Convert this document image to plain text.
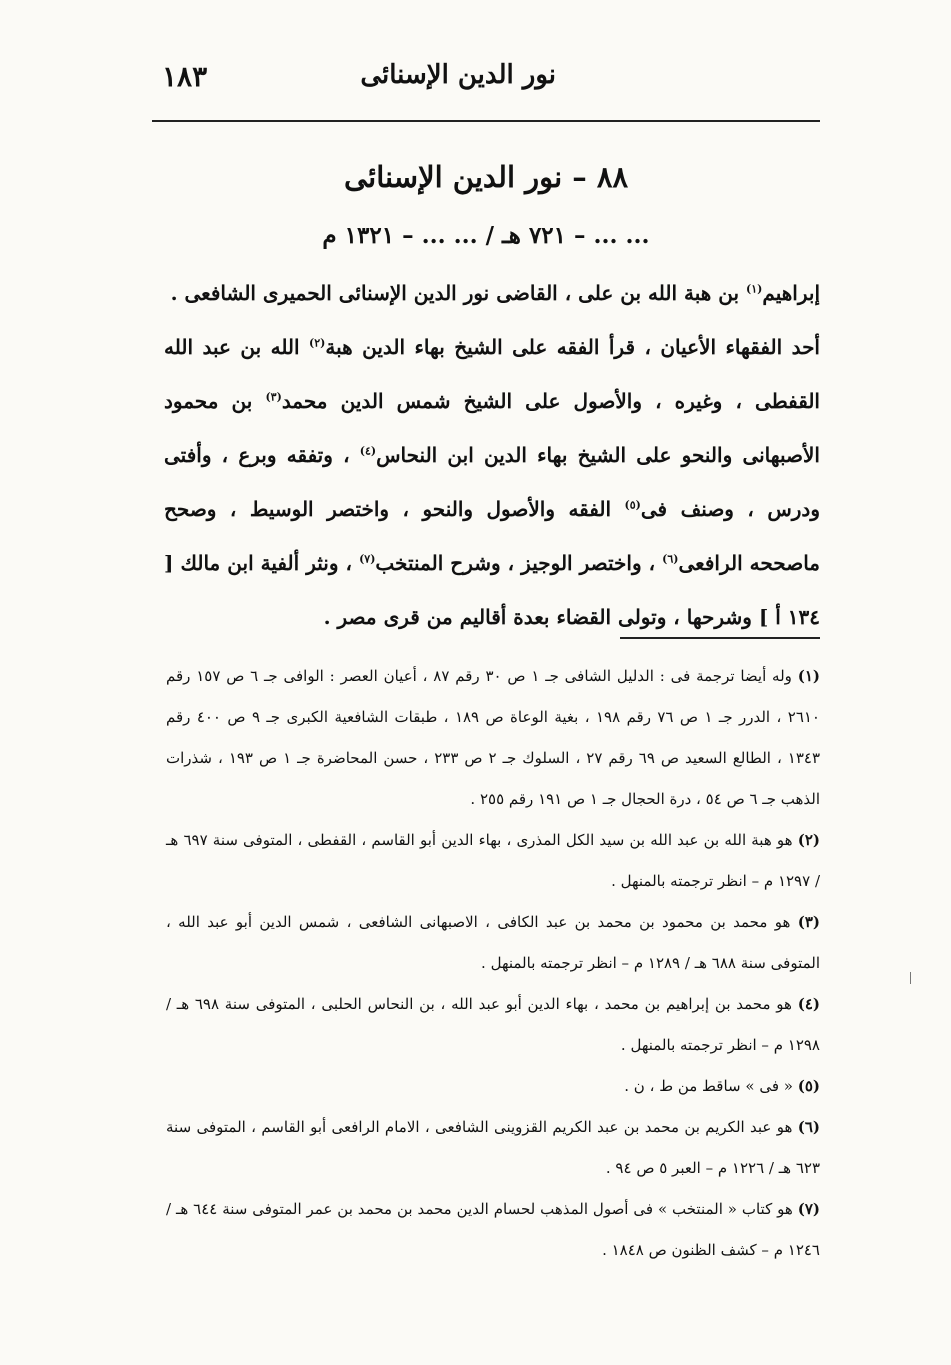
نور الدين الإسنائى
١٨٣
٨٨ – نور الدين الإسنائى
... ... – ٧٢١ هـ / ... ... – ١٣٢١ م

إبراهيم$^{(١)}$ بن هبة الله بن على ، القاضى نور الدين الإسنائى الحميرى الشافعى .

أحد الفقهاء الأعيان ، قرأ الفقه على الشيخ بهاء الدين هبة$^{(٢)}$ الله بن عبد الله القفطى ، وغيره ، والأصول على الشيخ شمس الدين محمد$^{(٣)}$ بن محمود الأصبهانى والنحو على الشيخ بهاء الدين ابن النحاس$^{(٤)}$ ، وتفقه وبرع ، وأفتى ودرس ، وصنف فى$^{(٥)}$ الفقه والأصول والنحو ، واختصر الوسيط ، وصحح ماصححه الرافعى$^{(٦)}$ ، واختصر الوجيز ، وشرح المنتخب$^{(٧)}$ ، ونثر ألفية ابن مالك [ ١٣٤ أ ] وشرحها ، وتولى القضاء بعدة أقاليم من قرى مصر .

(١) وله أيضا ترجمة فى : الدليل الشافى جـ ١ ص ٣٠ رقم ٨٧ ، أعيان العصر : الوافى جـ ٦ ص ١٥٧ رقم ٢٦١٠ ، الدرر جـ ١ ص ٧٦ رقم ١٩٨ ، بغية الوعاة ص ١٨٩ ، طبقات الشافعية الكبرى جـ ٩ ص ٤٠٠ رقم ١٣٤٣ ، الطالع السعيد ص ٦٩ رقم ٢٧ ، السلوك جـ ٢ ص ٢٣٣ ، حسن المحاضرة جـ ١ ص ١٩٣ ، شذرات الذهب جـ ٦ ص ٥٤ ، درة الحجال جـ ١ ص ١٩١ رقم ٢٥٥ .

(٢) هو هبة الله بن عبد الله بن سيد الكل المذرى ، بهاء الدين أبو القاسم ، القفطى ، المتوفى سنة ٦٩٧ هـ / ١٢٩٧ م – انظر ترجمته بالمنهل .

(٣) هو محمد بن محمود بن محمد بن عبد الكافى ، الاصبهانى الشافعى ، شمس الدين أبو عبد الله ، المتوفى سنة ٦٨٨ هـ / ١٢٨٩ م – انظر ترجمته بالمنهل .

(٤) هو محمد بن إبراهيم بن محمد ، بهاء الدين أبو عبد الله ، بن النحاس الحلبى ، المتوفى سنة ٦٩٨ هـ / ١٢٩٨ م – انظر ترجمته بالمنهل .

(٥) « فى » ساقط من ط ، ن .

(٦) هو عبد الكريم بن محمد بن عبد الكريم القزوينى الشافعى ، الامام الرافعى أبو القاسم ، المتوفى سنة ٦٢٣ هـ / ١٢٢٦ م – العبر ٥ ص ٩٤ .

(٧) هو كتاب « المنتخب » فى أصول المذهب لحسام الدين محمد بن محمد بن عمر المتوفى سنة ٦٤٤ هـ / ١٢٤٦ م – كشف الظنون ص ١٨٤٨ .
